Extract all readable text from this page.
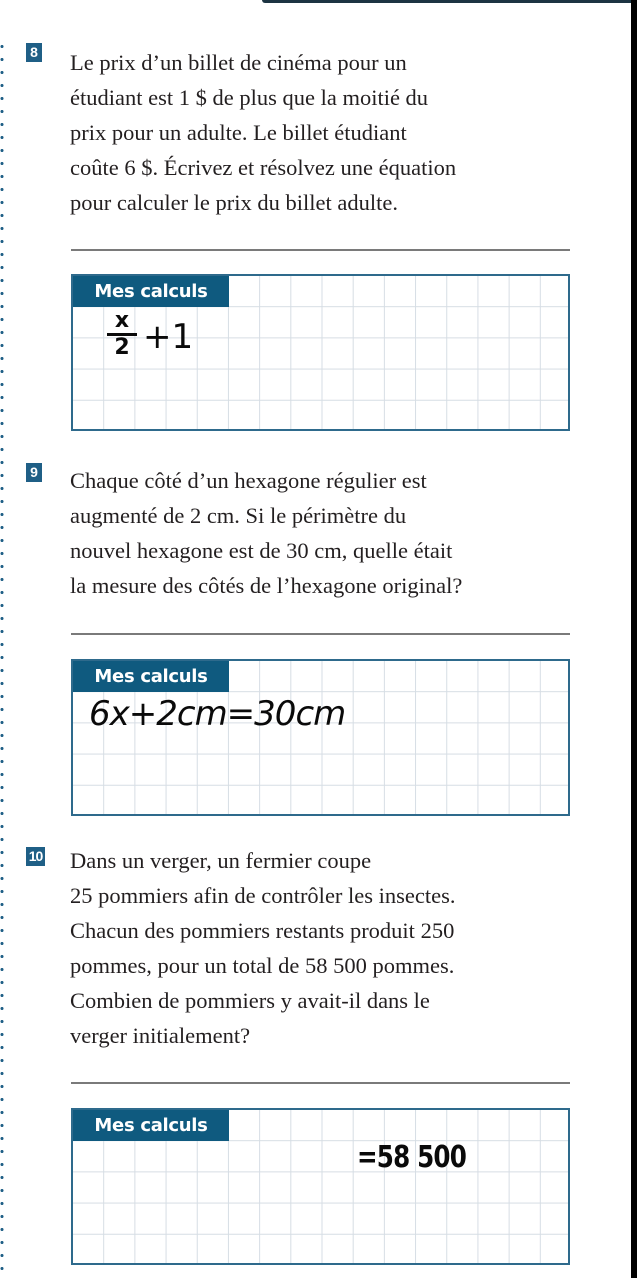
8 Le prix d’un billet de cinéma pour un
étudiant est 1 $ de plus que la moitié du
prix pour un adulte. Le billet étudiant
coûte 6 $. Écrivez et résolvez une équation
pour calculer le prix du billet adulte.

Mes calculs
$\frac{x}{2} +1$
9 Chaque côté d’un hexagone régulier est
augmenté de 2 cm. Si le périmètre du
nouvel hexagone est de 30 cm, quelle était
la mesure des côtés de l’hexagone original?

Mes calculs
6x+2cm=30cm
10 Dans un verger, un fermier coupe
25 pommiers afin de contrôler les insectes.
Chacun des pommiers restants produit 250
pommes, pour un total de 58 500 pommes.
Combien de pommiers y avait-il dans le
verger initialement?

Mes calculs
=58 500
